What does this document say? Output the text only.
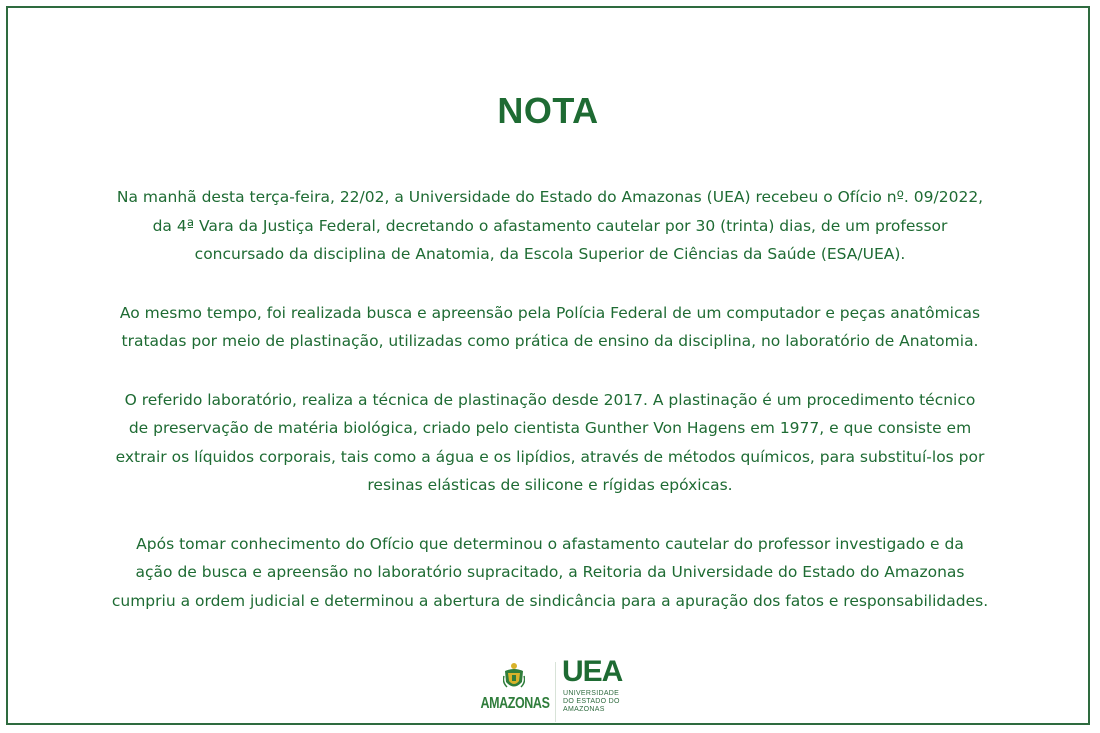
NOTA
Na manhã desta terça-feira, 22/02, a Universidade do Estado do Amazonas (UEA) recebeu o Ofício nº. 09/2022,
da 4ª Vara da Justiça Federal, decretando o afastamento cautelar por 30 (trinta) dias, de um professor
concursado da disciplina de Anatomia, da Escola Superior de Ciências da Saúde (ESA/UEA).
Ao mesmo tempo, foi realizada busca e apreensão pela Polícia Federal de um computador e peças anatômicas
tratadas por meio de plastinação, utilizadas como prática de ensino da disciplina, no laboratório de Anatomia.
O referido laboratório, realiza a técnica de plastinação desde 2017. A plastinação é um procedimento técnico
de preservação de matéria biológica, criado pelo cientista Gunther Von Hagens em 1977, e que consiste em
extrair os líquidos corporais, tais como a água e os lipídios, através de métodos químicos, para substituí-los por
resinas elásticas de silicone e rígidas epóxicas.
Após tomar conhecimento do Ofício que determinou o afastamento cautelar do professor investigado e da
ação de busca e apreensão no laboratório supracitado, a Reitoria da Universidade do Estado do Amazonas
cumpriu a ordem judicial e determinou a abertura de sindicância para a apuração dos fatos e responsabilidades.
AMAZONAS
UEA
UNIVERSIDADE
DO ESTADO DO
AMAZONAS
